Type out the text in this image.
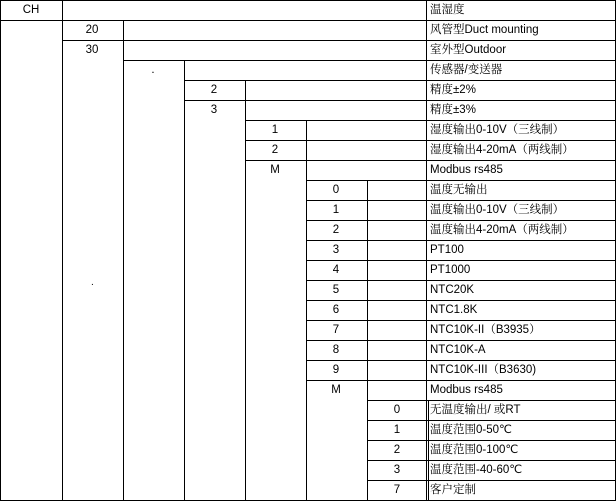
CH	温湿度
20	风管型Duct mounting
30	室外型Outdoor
.	传感器/变送器
2	精度±2%
3	精度±3%
1	湿度输出0-10V（三线制）
2	湿度输出4-20mA（两线制）
M	Modbus rs485
0	温度无输出
1	温度输出0-10V（三线制）
2	温度输出4-20mA（两线制）
3	PT100
4	PT1000
5	NTC20K
6	NTC1.8K
7	NTC10K-II（B3935）
8	NTC10K-A
9	NTC10K-III（B3630)
M	Modbus rs485
0	无温度输出/ 或RT
1	温度范围0-50℃
2	温度范围0-100℃
3	温度范围-40-60℃
7	客户定制
.
